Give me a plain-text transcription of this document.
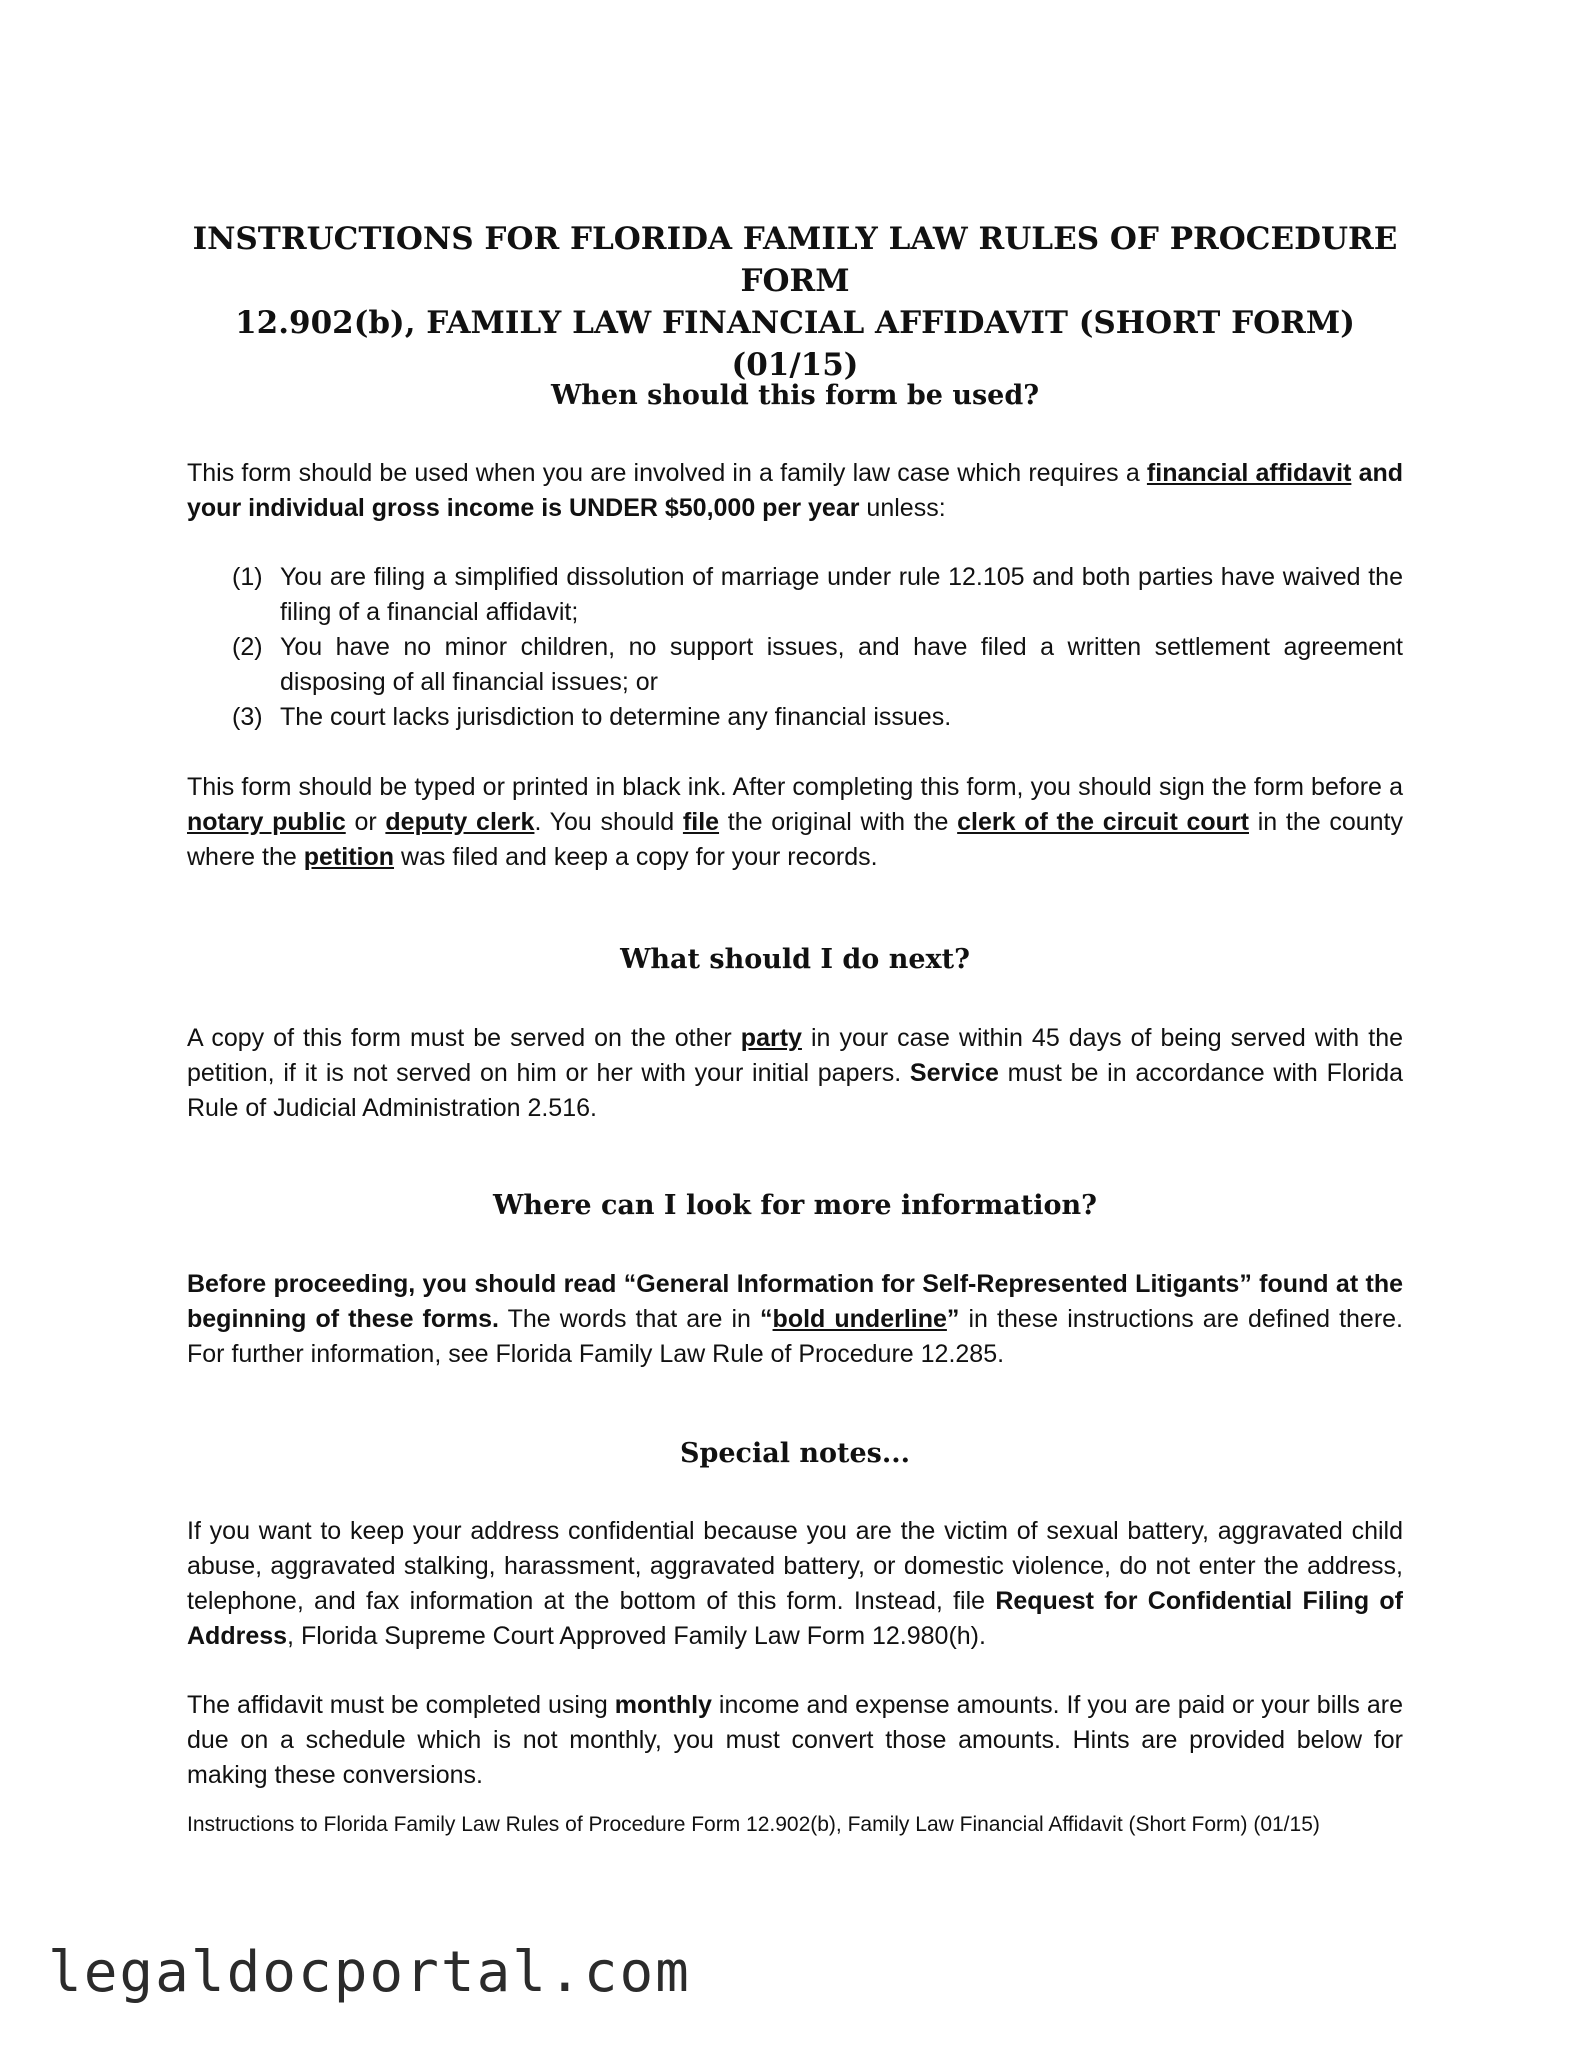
INSTRUCTIONS FOR FLORIDA FAMILY LAW RULES OF PROCEDURE FORM
12.902(b), FAMILY LAW FINANCIAL AFFIDAVIT (SHORT FORM) (01/15)
When should this form be used?

This form should be used when you are involved in a family law case which requires a financial affidavit and your individual gross income is UNDER $50,000 per year unless:

(1) You are filing a simplified dissolution of marriage under rule 12.105 and both parties have waived the filing of a financial affidavit;
(2) You have no minor children, no support issues, and have filed a written settlement agreement disposing of all financial issues; or
(3) The court lacks jurisdiction to determine any financial issues.

This form should be typed or printed in black ink. After completing this form, you should sign the form before a notary public or deputy clerk. You should file the original with the clerk of the circuit court in the county where the petition was filed and keep a copy for your records.

What should I do next?

A copy of this form must be served on the other party in your case within 45 days of being served with the petition, if it is not served on him or her with your initial papers. Service must be in accordance with Florida Rule of Judicial Administration 2.516.

Where can I look for more information?

Before proceeding, you should read “General Information for Self-Represented Litigants” found at the beginning of these forms. The words that are in “bold underline” in these instructions are defined there. For further information, see Florida Family Law Rule of Procedure 12.285.

Special notes...

If you want to keep your address confidential because you are the victim of sexual battery, aggravated child abuse, aggravated stalking, harassment, aggravated battery, or domestic violence, do not enter the address, telephone, and fax information at the bottom of this form. Instead, file Request for Confidential Filing of Address, Florida Supreme Court Approved Family Law Form 12.980(h).

The affidavit must be completed using monthly income and expense amounts. If you are paid or your bills are due on a schedule which is not monthly, you must convert those amounts. Hints are provided below for making these conversions.

Instructions to Florida Family Law Rules of Procedure Form 12.902(b), Family Law Financial Affidavit (Short Form) (01/15)

legaldocportal.com
